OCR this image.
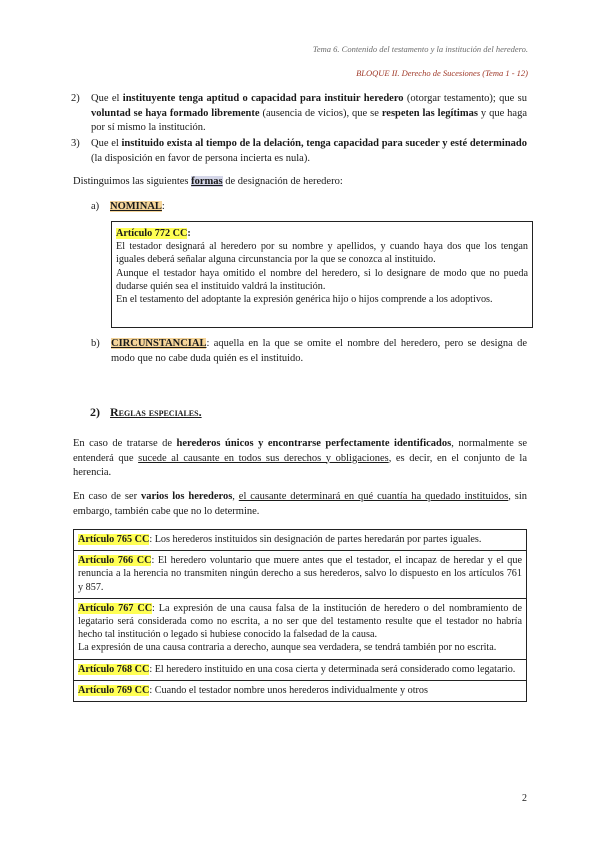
Tema 6. Contenido del testamento y la institución del heredero.
BLOQUE II. Derecho de Sucesiones (Tema 1 - 12)
2) Que el instituyente tenga aptitud o capacidad para instituir heredero (otorgar testamento); que su voluntad se haya formado libremente (ausencia de vicios), que se respeten las legítimas y que haga por sí mismo la institución.
3) Que el instituido exista al tiempo de la delación, tenga capacidad para suceder y esté determinado (la disposición en favor de persona incierta es nula).
Distinguimos las siguientes formas de designación de heredero:
a) NOMINAL:
Artículo 772 CC:
El testador designará al heredero por su nombre y apellidos, y cuando haya dos que los tengan iguales deberá señalar alguna circunstancia por la que se conozca al instituido.
Aunque el testador haya omitido el nombre del heredero, si lo designare de modo que no pueda dudarse quién sea el instituido valdrá la institución.
En el testamento del adoptante la expresión genérica hijo o hijos comprende a los adoptivos.
b) CIRCUNSTANCIAL: aquella en la que se omite el nombre del heredero, pero se designa de modo que no cabe duda quién es el instituido.
2) Reglas especiales.
En caso de tratarse de herederos únicos y encontrarse perfectamente identificados, normalmente se entenderá que sucede al causante en todos sus derechos y obligaciones, es decir, en el conjunto de la herencia.
En caso de ser varios los herederos, el causante determinará en qué cuantía ha quedado instituidos, sin embargo, también cabe que no lo determine.
Artículo 765 CC: Los herederos instituidos sin designación de partes heredarán por partes iguales.
Artículo 766 CC: El heredero voluntario que muere antes que el testador, el incapaz de heredar y el que renuncia a la herencia no transmiten ningún derecho a sus herederos, salvo lo dispuesto en los artículos 761 y 857.
Artículo 767 CC: La expresión de una causa falsa de la institución de heredero o del nombramiento de legatario será considerada como no escrita, a no ser que del testamento resulte que el testador no habría hecho tal institución o legado si hubiese conocido la falsedad de la causa.
La expresión de una causa contraria a derecho, aunque sea verdadera, se tendrá también por no escrita.
Artículo 768 CC: El heredero instituido en una cosa cierta y determinada será considerado como legatario.
Artículo 769 CC: Cuando el testador nombre unos herederos individualmente y otros
2
